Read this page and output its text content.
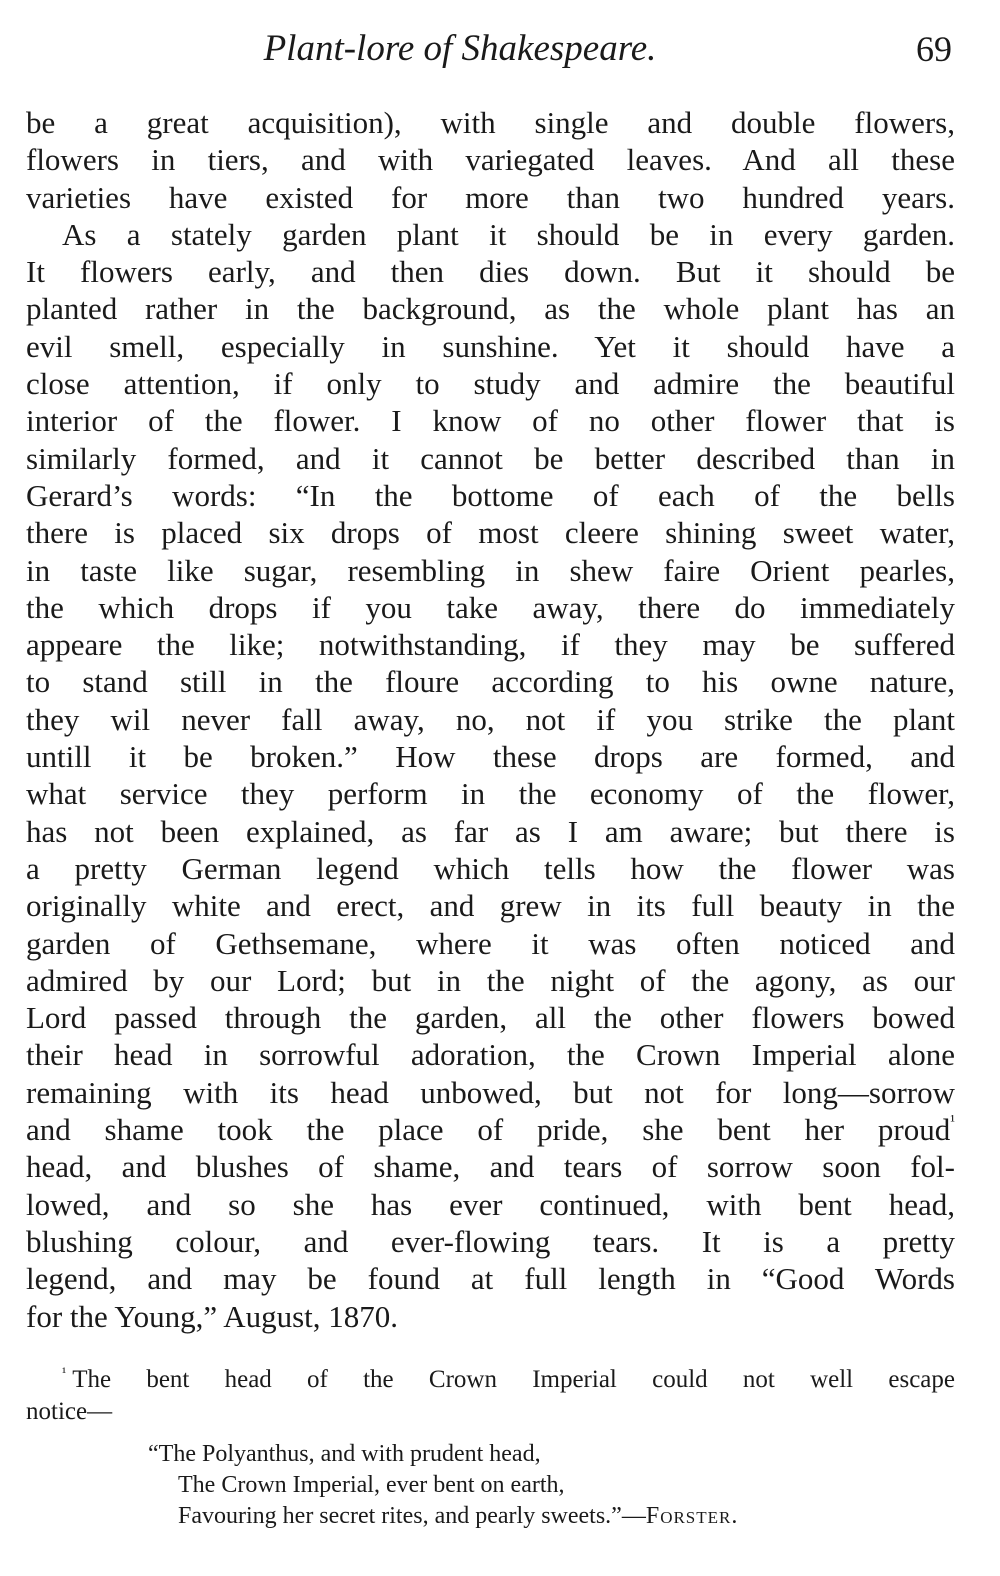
Plant-lore of Shakespeare.	69
be a great acquisition), with single and double flowers,
flowers in tiers, and with variegated leaves. And all these
varieties have existed for more than two hundred years.
As a stately garden plant it should be in every garden.
It flowers early, and then dies down. But it should be
planted rather in the background, as the whole plant has an
evil smell, especially in sunshine. Yet it should have a
close attention, if only to study and admire the beautiful
interior of the flower. I know of no other flower that is
similarly formed, and it cannot be better described than in
Gerard’s words: “In the bottome of each of the bells
there is placed six drops of most cleere shining sweet water,
in taste like sugar, resembling in shew faire Orient pearles,
the which drops if you take away, there do immediately
appeare the like; notwithstanding, if they may be suffered
to stand still in the floure according to his owne nature,
they wil never fall away, no, not if you strike the plant
untill it be broken.” How these drops are formed, and
what service they perform in the economy of the flower,
has not been explained, as far as I am aware; but there is
a pretty German legend which tells how the flower was
originally white and erect, and grew in its full beauty in the
garden of Gethsemane, where it was often noticed and
admired by our Lord; but in the night of the agony, as our
Lord passed through the garden, all the other flowers bowed
their head in sorrowful adoration, the Crown Imperial alone
remaining with its head unbowed, but not for long—sorrow
and shame took the place of pride, she bent her proud$^{^1}$
head, and blushes of shame, and tears of sorrow soon fol-
lowed, and so she has ever continued, with bent head,
blushing colour, and ever-flowing tears. It is a pretty
legend, and may be found at full length in “Good Words
for the Young,” August, 1870.
$^{^1}$ The bent head of the Crown Imperial could not well escape
notice—
“The Polyanthus, and with prudent head,
The Crown Imperial, ever bent on earth,
Favouring her secret rites, and pearly sweets.”—Forster.
